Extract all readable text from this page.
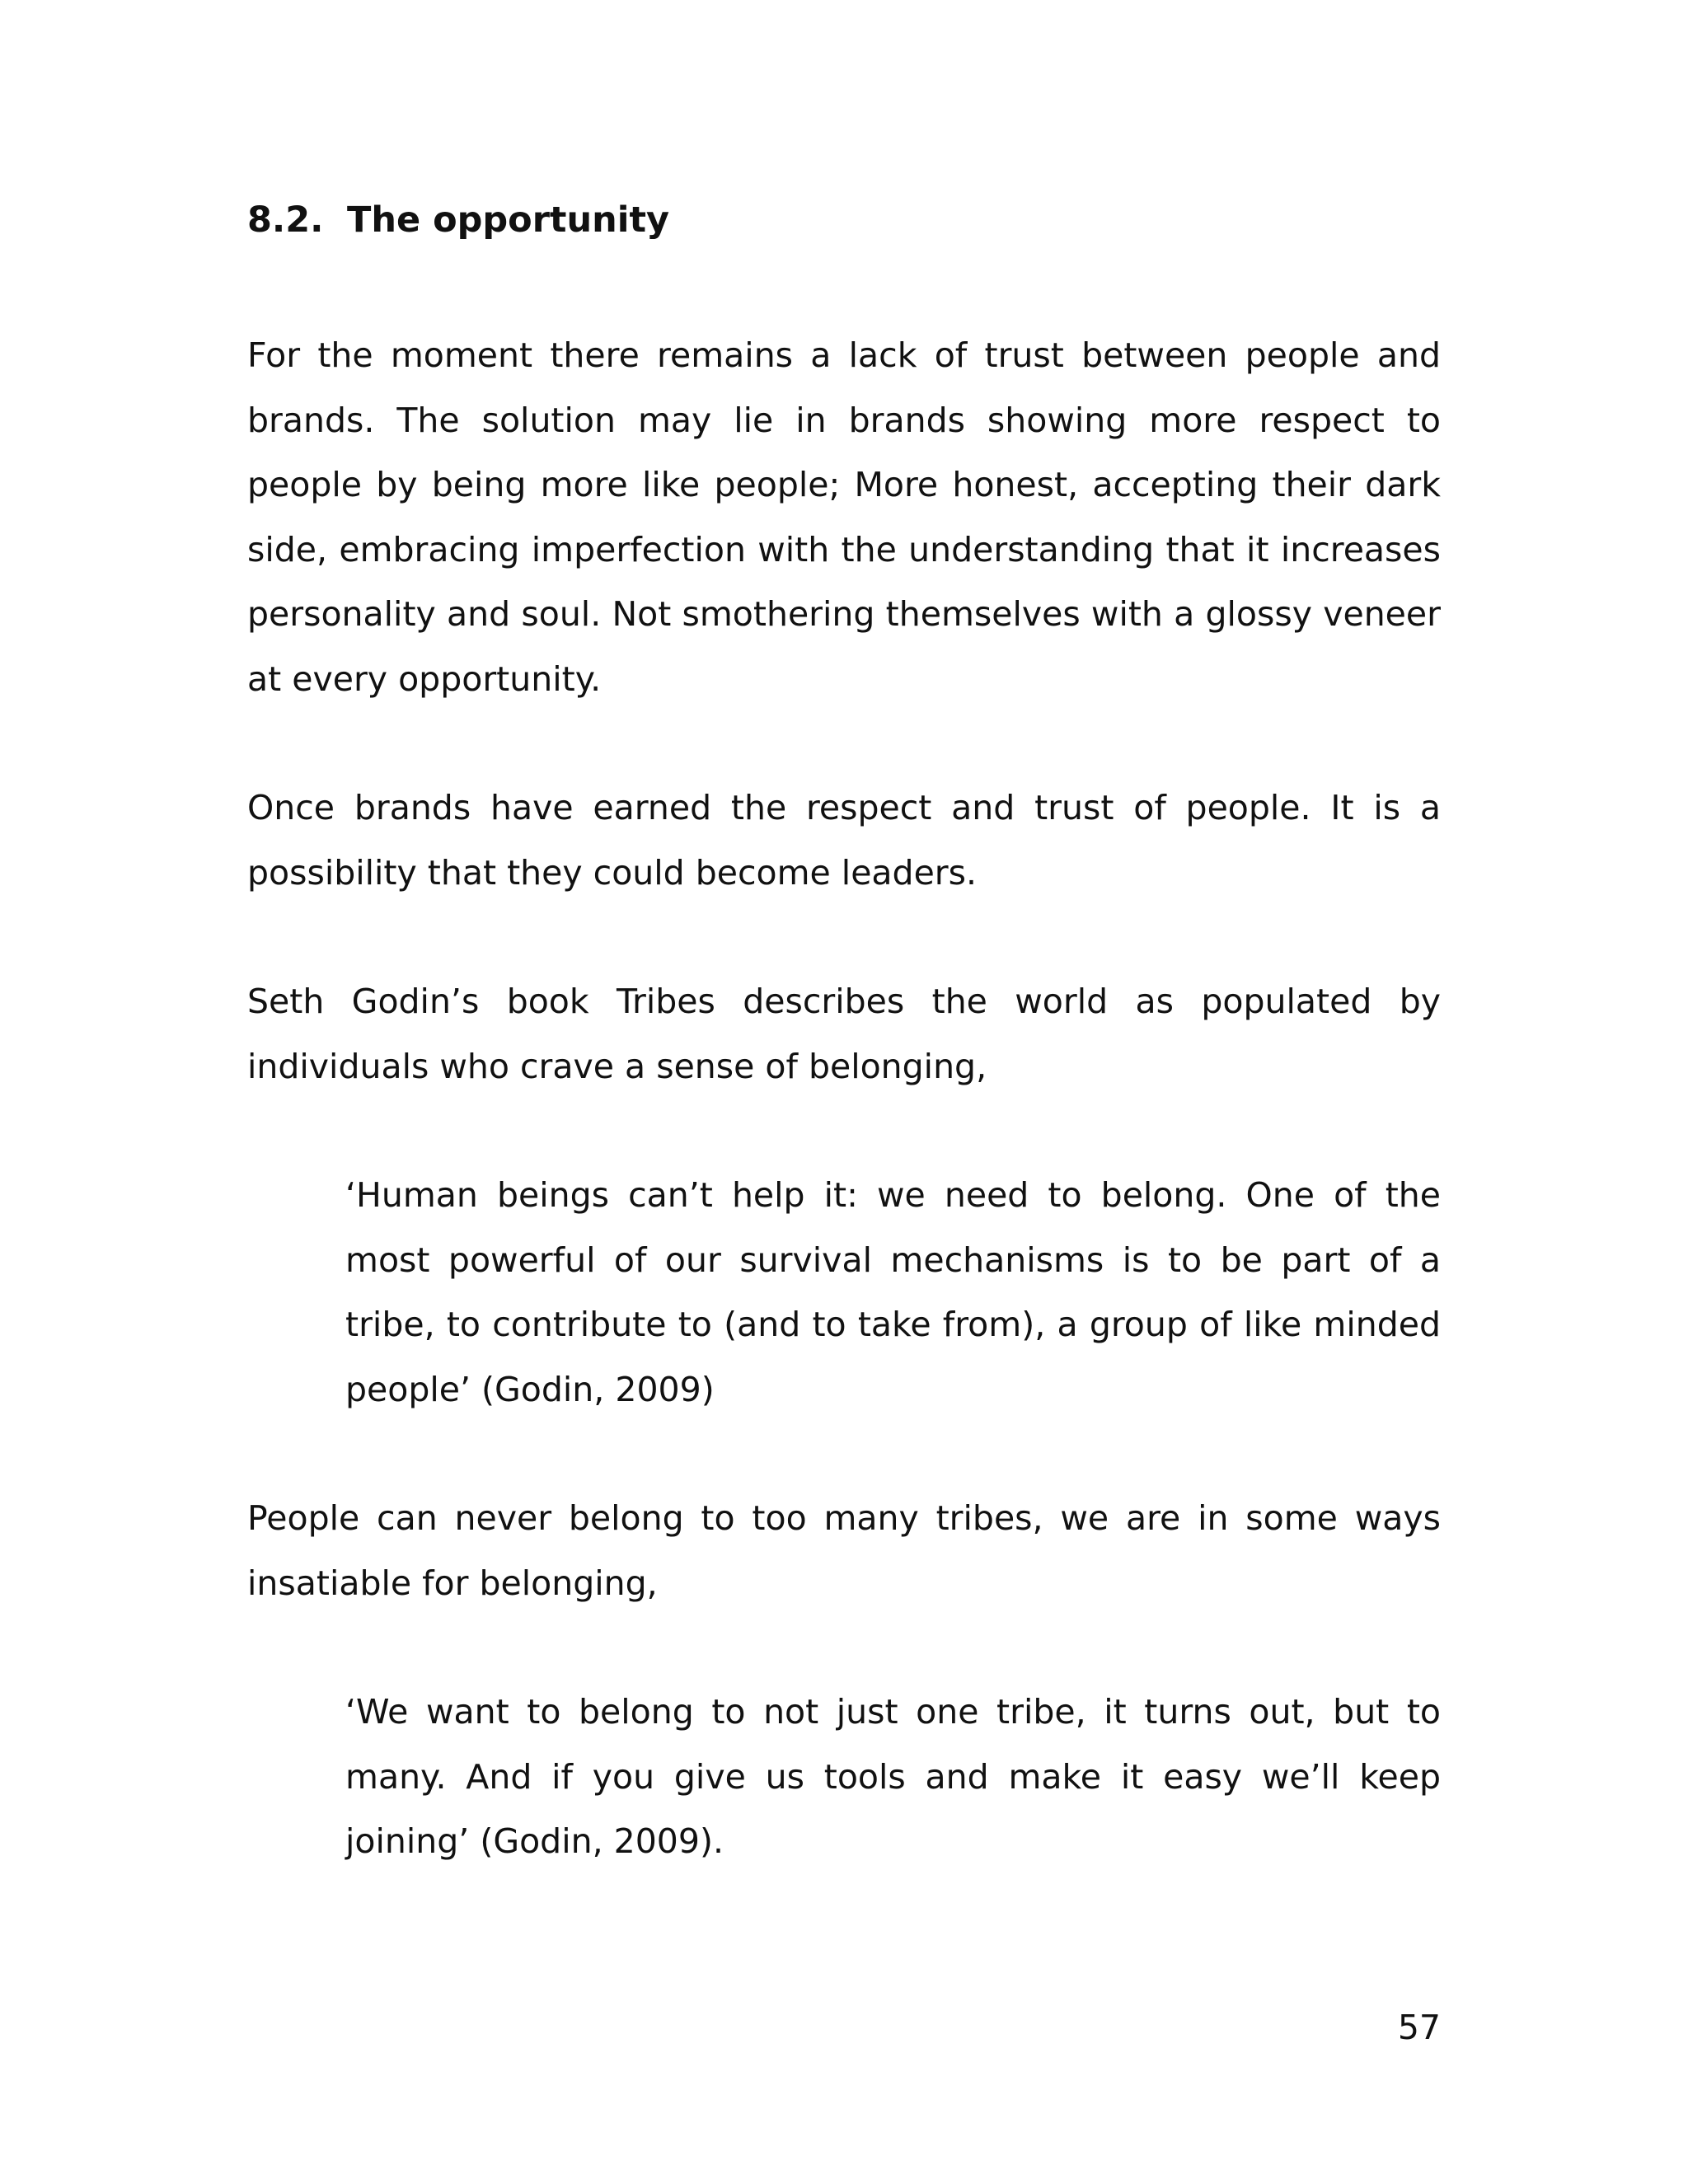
8.2. The opportunity

For the moment there remains a lack of trust between people and brands. The solution may lie in brands showing more respect to people by being more like people; More honest, accepting their dark side, embracing imperfection with the understanding that it increases personality and soul. Not smothering themselves with a glossy veneer at every opportunity.

Once brands have earned the respect and trust of people. It is a possibility that they could become leaders.

Seth Godin’s book Tribes describes the world as populated by individuals who crave a sense of belonging,

‘Human beings can’t help it: we need to belong. One of the most powerful of our survival mechanisms is to be part of a tribe, to contribute to (and to take from), a group of like minded people’ (Godin, 2009)

People can never belong to too many tribes, we are in some ways insatiable for belonging,

‘We want to belong to not just one tribe, it turns out, but to many. And if you give us tools and make it easy we’ll keep joining’ (Godin, 2009).

57
